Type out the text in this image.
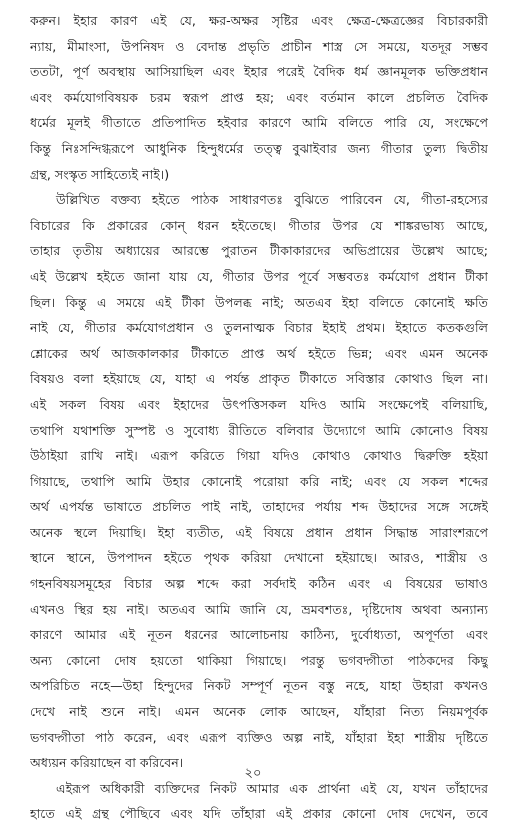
করুন। ইহার কারণ এই যে, ক্ষর-অক্ষর সৃষ্টির এবং ক্ষেত্র-ক্ষেত্রজ্ঞের বিচারকারী
ন্যায়, মীমাংসা, উপনিষদ ও বেদান্ত প্রভৃতি প্রাচীন শাস্ত্র সে সময়ে, যতদূর সম্ভব
ততটা, পূর্ণ অবস্থায় আসিয়াছিল এবং ইহার পরেই বৈদিক ধর্ম জ্ঞানমূলক ভক্তিপ্রধান
এবং কর্মযোগবিষয়ক চরম স্বরূপ প্রাপ্ত হয়; এবং বর্তমান কালে প্রচলিত বৈদিক
ধর্মের মূলই গীতাতে প্রতিপাদিত হইবার কারণে আমি বলিতে পারি যে, সংক্ষেপে
কিন্তু নিঃসন্দিগ্ধরূপে আধুনিক হিন্দুধর্মের তত্ত্ব বুঝাইবার জন্য গীতার তুল্য দ্বিতীয়
গ্রন্থ, সংস্কৃত সাহিত্যেই নাই।)
উল্লিখিত বক্তব্য হইতে পাঠক সাধারণতঃ বুঝিতে পারিবেন যে, গীতা-রহস্যের
বিচারের কি প্রকারের কোন্ ধরন হইতেছে। গীতার উপর যে শাঙ্করভাষ্য আছে,
তাহার তৃতীয় অধ্যায়ের আরম্ভে পুরাতন টীকাকারদের অভিপ্রায়ের উল্লেখ আছে;
এই উল্লেখ হইতে জানা যায় যে, গীতার উপর পূর্বে সম্ভবতঃ কর্মযোগ প্রধান টীকা
ছিল। কিন্তু এ সময়ে এই টীকা উপলব্ধ নাই; অতএব ইহা বলিতে কোনোই ক্ষতি
নাই যে, গীতার কর্মযোগপ্রধান ও তুলনাত্মক বিচার ইহাই প্রথম। ইহাতে কতকগুলি
শ্লোকের অর্থ আজকালকার টীকাতে প্রাপ্ত অর্থ হইতে ভিন্ন; এবং এমন অনেক
বিষয়ও বলা হইয়াছে যে, যাহা এ পর্যন্ত প্রাকৃত টীকাতে সবিস্তার কোথাও ছিল না।
এই সকল বিষয় এবং ইহাদের উৎপত্তিসকল যদিও আমি সংক্ষেপেই বলিয়াছি,
তথাপি যথাশক্তি সুস্পষ্ট ও সুবোধ্য রীতিতে বলিবার উদ্যোগে আমি কোনোও বিষয়
উঠাইয়া রাখি নাই। এরূপ করিতে গিয়া যদিও কোথাও কোথাও দ্বিরুক্তি হইয়া
গিয়াছে, তথাপি আমি উহার কোনোই পরোয়া করি নাই; এবং যে সকল শব্দের
অর্থ এপর্যন্ত ভাষাতে প্রচলিত পাই নাই, তাহাদের পর্যায় শব্দ উহাদের সঙ্গে সঙ্গেই
অনেক স্থলে দিয়াছি। ইহা ব্যতীত, এই বিষয়ে প্রধান প্রধান সিদ্ধান্ত সারাংশরূপে
স্থানে স্থানে, উপপাদন হইতে পৃথক করিয়া দেখানো হইয়াছে। আরও, শাস্ত্রীয় ও
গহনবিষয়সমূহের বিচার অল্প শব্দে করা সর্বদাই কঠিন এবং এ বিষয়ের ভাষাও
এখনও স্থির হয় নাই। অতএব আমি জানি যে, ভ্রমবশতঃ, দৃষ্টিদোষ অথবা অন্যান্য
কারণে আমার এই নূতন ধরনের আলোচনায় কাঠিন্য, দুর্বোধ্যতা, অপূর্ণতা এবং
অন্য কোনো দোষ হয়তো থাকিয়া গিয়াছে। পরন্তু ভগবদ্গীতা পাঠকদের কিছু
অপরিচিত নহে—উহা হিন্দুদের নিকট সম্পূর্ণ নূতন বস্তু নহে, যাহা উহারা কখনও
দেখে নাই শুনে নাই। এমন অনেক লোক আছেন, যাঁহারা নিত্য নিয়মপূর্বক
ভগবদ্গীতা পাঠ করেন, এবং এরূপ ব্যক্তিও অল্প নাই, যাঁহারা ইহা শাস্ত্রীয় দৃষ্টিতে
অধ্যয়ন করিয়াছেন বা করিবেন।
এইরূপ অধিকারী ব্যক্তিদের নিকট আমার এক প্রার্থনা এই যে, যখন তাঁহাদের
হাতে এই গ্রন্থ পৌছিবে এবং যদি তাঁহারা এই প্রকার কোনো দোষ দেখেন, তবে
২০
